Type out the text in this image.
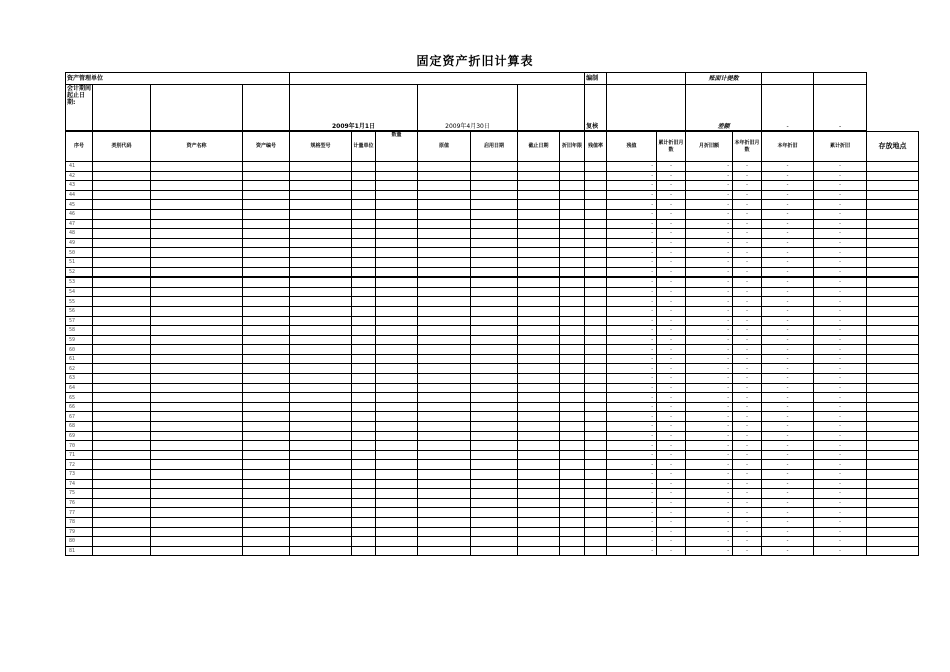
固定资产折旧计算表
资产管理单位							编制		账面计提数		
会计期间起止日期:				2009年1月1日	2009年4月30日		复核		差额	-	-
序号	类别代码	资产名称	资产编号	规格型号	计量单位	数量	原值	启用日期	截止日期	折旧年限	残值率	残值	累计折旧月数	月折旧额	本年折旧月数	本年折旧	累计折旧	存放地点
41												-	-	-	-	-	-	
42												-	-	-	-	-	-	
43												-	-	-	-	-	-	
44												-	-	-	-	-	-	
45												-	-	-	-	-	-	
46												-	-	-	-	-	-	
47												-	-	-	-	-	-	
48												-	-	-	-	-	-	
49												-	-	-	-	-	-	
50												-	-	-	-	-	-	
51												-	-	-	-	-	-	
52												-	-	-	-	-	-	
53												-	-	-	-	-	-	
54												-	-	-	-	-	-	
55												-	-	-	-	-	-	
56												-	-	-	-	-	-	
57												-	-	-	-	-	-	
58												-	-	-	-	-	-	
59												-	-	-	-	-	-	
60												-	-	-	-	-	-	
61												-	-	-	-	-	-	
62												-	-	-	-	-	-	
63												-	-	-	-	-	-	
64												-	-	-	-	-	-	
65												-	-	-	-	-	-	
66												-	-	-	-	-	-	
67												-	-	-	-	-	-	
68												-	-	-	-	-	-	
69												-	-	-	-	-	-	
70												-	-	-	-	-	-	
71												-	-	-	-	-	-	
72												-	-	-	-	-	-	
73												-	-	-	-	-	-	
74												-	-	-	-	-	-	
75												-	-	-	-	-	-	
76												-	-	-	-	-	-	
77												-	-	-	-	-	-	
78												-	-	-	-	-	-	
79												-	-	-	-	-	-	
80												-	-	-	-	-	-	
81												-	-	-	-	-	-	
